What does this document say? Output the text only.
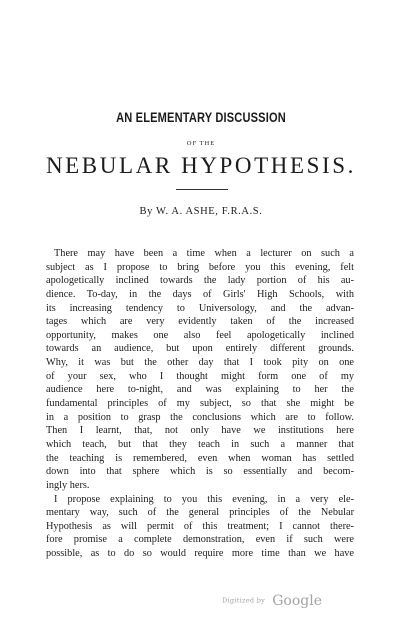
AN ELEMENTARY DISCUSSION
OF THE
NEBULAR HYPOTHESIS.
By W. A. ASHE, F.R.A.S.
There may have been a time when a lecturer on such a
subject as I propose to bring before you this evening, felt
apologetically inclined towards the lady portion of his au-
dience. To-day, in the days of Girls' High Schools, with
its increasing tendency to Universology, and the advan-
tages which are very evidently taken of the increased
opportunity, makes one also feel apologetically inclined
towards an audience, but upon entirely different grounds.
Why, it was but the other day that I took pity on one
of your sex, who I thought might form one of my
audience here to-night, and was explaining to her the
fundamental principles of my subject, so that she might be
in a position to grasp the conclusions which are to follow.
Then I learnt, that, not only have we institutions here
which teach, but that they teach in such a manner that
the teaching is remembered, even when woman has settled
down into that sphere which is so essentially and becom-
ingly hers.
I propose explaining to you this evening, in a very ele-
mentary way, such of the general principles of the Nebular
Hypothesis as will permit of this treatment; I cannot there-
fore promise a complete demonstration, even if such were
possible, as to do so would require more time than we have
Digitized by Google
